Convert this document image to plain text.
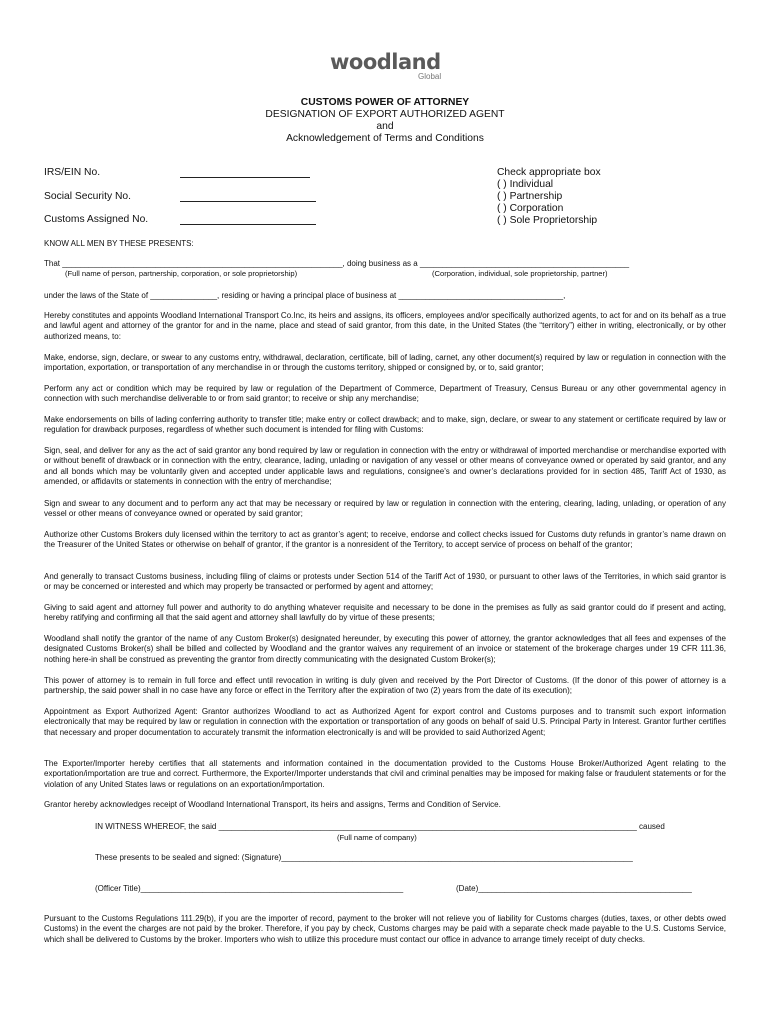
woodland
Global
CUSTOMS POWER OF ATTORNEY
DESIGNATION OF EXPORT AUTHORIZED AGENT
and
Acknowledgement of Terms and Conditions
IRS/EIN No.
Social Security No.
Customs Assigned No.
Check appropriate box
( ) Individual
( ) Partnership
( ) Corporation
( ) Sole Proprietorship
KNOW ALL MEN BY THESE PRESENTS:
That _______________________________________________________________, doing business as a _______________________________________________
(Full name of person, partnership, corporation, or sole proprietorship)	(Corporation, individual, sole proprietorship, partner)
under the laws of the State of _______________, residing or having a principal place of business at _____________________________________,
Hereby constitutes and appoints Woodland International Transport Co.Inc, its heirs and assigns, its officers, employees and/or specifically authorized agents, to act for and on its behalf as a true and lawful agent and attorney of the grantor for and in the name, place and stead of said grantor, from this date, in the United States (the “territory”) either in writing, electronically, or by other authorized means, to:
Make, endorse, sign, declare, or swear to any customs entry, withdrawal, declaration, certificate, bill of lading, carnet, any other document(s) required by law or regulation in connection with the importation, exportation, or transportation of any merchandise in or through the customs territory, shipped or consigned by, or to, said grantor;
Perform any act or condition which may be required by law or regulation of the Department of Commerce, Department of Treasury, Census Bureau or any other governmental agency in connection with such merchandise deliverable to or from said grantor; to receive or ship any merchandise;
Make endorsements on bills of lading conferring authority to transfer title; make entry or collect drawback; and to make, sign, declare, or swear to any statement or certificate required by law or regulation for drawback purposes, regardless of whether such document is intended for filing with Customs:
Sign, seal, and deliver for any as the act of said grantor any bond required by law or regulation in connection with the entry or withdrawal of imported merchandise or merchandise exported with or without benefit of drawback or in connection with the entry, clearance, lading, unlading or navigation of any vessel or other means of conveyance owned or operated by said grantor, and any and all bonds which may be voluntarily given and accepted under applicable laws and regulations, consignee’s and owner’s declarations provided for in section 485, Tariff Act of 1930, as amended, or affidavits or statements in connection with the entry of merchandise;
Sign and swear to any document and to perform any act that may be necessary or required by law or regulation in connection with the entering, clearing, lading, unlading, or operation of any vessel or other means of conveyance owned or operated by said grantor;
Authorize other Customs Brokers duly licensed within the territory to act as grantor’s agent; to receive, endorse and collect checks issued for Customs duty refunds in grantor’s name drawn on the Treasurer of the United States or otherwise on behalf of grantor, if the grantor is a nonresident of the Territory, to accept service of process on behalf of the grantor;
And generally to transact Customs business, including filing of claims or protests under Section 514 of the Tariff Act of 1930, or pursuant to other laws of the Territories, in which said grantor is or may be concerned or interested and which may properly be transacted or performed by agent and attorney;
Giving to said agent and attorney full power and authority to do anything whatever requisite and necessary to be done in the premises as fully as said grantor could do if present and acting, hereby ratifying and confirming all that the said agent and attorney shall lawfully do by virtue of these presents;
Woodland shall notify the grantor of the name of any Custom Broker(s) designated hereunder, by executing this power of attorney, the grantor acknowledges that all fees and expenses of the designated Customs Broker(s) shall be billed and collected by Woodland and the grantor waives any requirement of an invoice or statement of the brokerage charges under 19 CFR 111.36, nothing here-in shall be construed as preventing the grantor from directly communicating with the designated Custom Broker(s);
This power of attorney is to remain in full force and effect until revocation in writing is duly given and received by the Port Director of Customs. (If the donor of this power of attorney is a partnership, the said power shall in no case have any force or effect in the Territory after the expiration of two (2) years from the date of its execution);
Appointment as Export Authorized Agent: Grantor authorizes Woodland to act as Authorized Agent for export control and Customs purposes and to transmit such export information electronically that may be required by law or regulation in connection with the exportation or transportation of any goods on behalf of said U.S. Principal Party in Interest. Grantor further certifies that necessary and proper documentation to accurately transmit the information electronically is and will be provided to said Authorized Agent;
The Exporter/Importer hereby certifies that all statements and information contained in the documentation provided to the Customs House Broker/Authorized Agent relating to the exportation/importation are true and correct. Furthermore, the Exporter/Importer understands that civil and criminal penalties may be imposed for making false or fraudulent statements or for the violation of any United States laws or regulations on an exportation/importation.
Grantor hereby acknowledges receipt of Woodland International Transport, its heirs and assigns, Terms and Condition of Service.
IN WITNESS WHEREOF, the said ______________________________________________________________________________________________ caused
(Full name of company)
These presents to be sealed and signed: (Signature)_______________________________________________________________________________
(Officer Title)___________________________________________________________	(Date)________________________________________________
Pursuant to the Customs Regulations 111.29(b), if you are the importer of record, payment to the broker will not relieve you of liability for Customs charges (duties, taxes, or other debts owed Customs) in the event the charges are not paid by the broker. Therefore, if you pay by check, Customs charges may be paid with a separate check made payable to the U.S. Customs Service, which shall be delivered to Customs by the broker. Importers who wish to utilize this procedure must contact our office in advance to arrange timely receipt of duty checks.
